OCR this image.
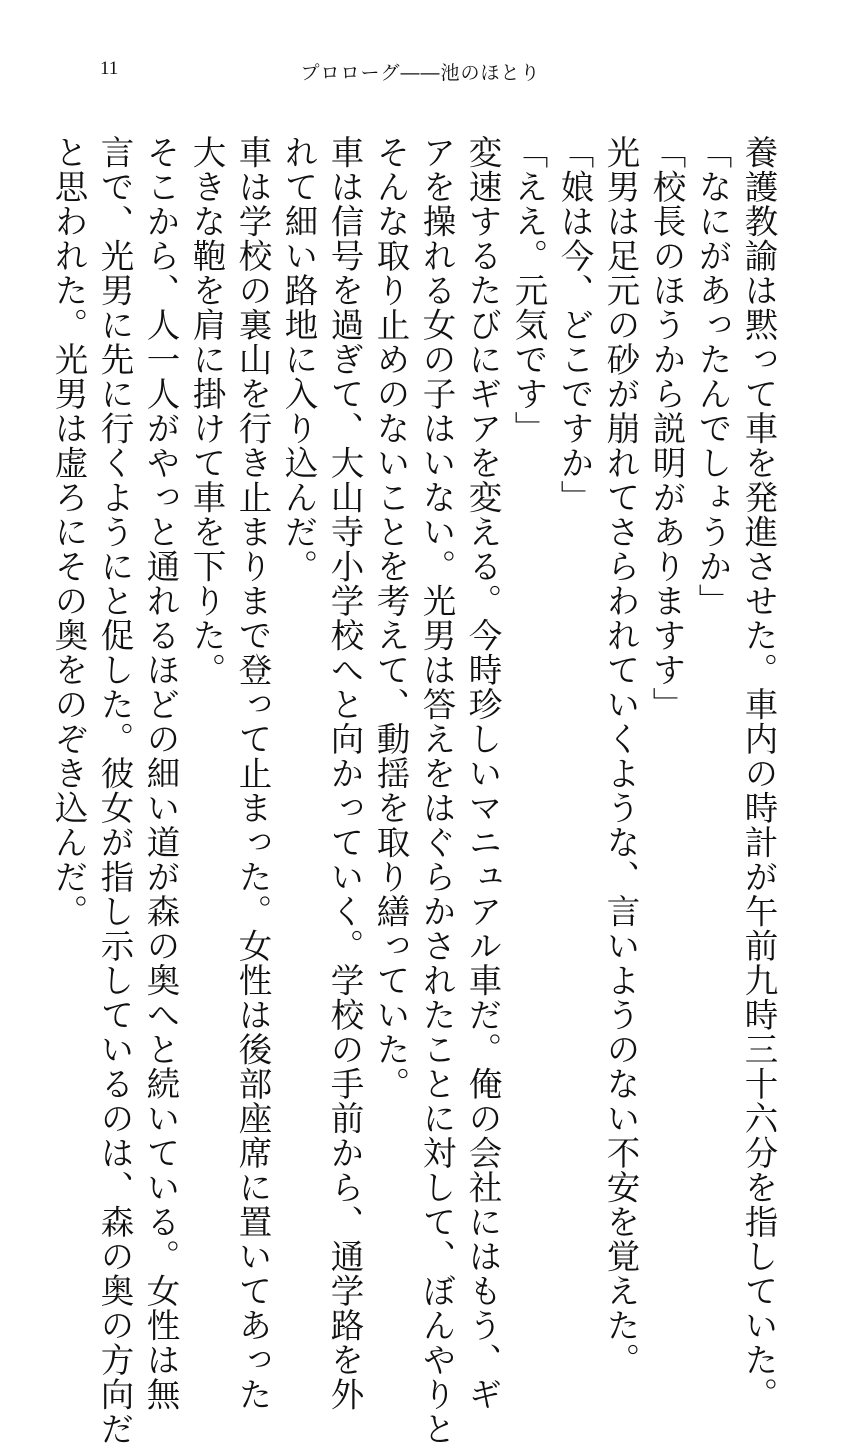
11	プロローグ――池のほとり

養護教諭は黙って車を発進させた。車内の時計が午前九時三十六分を指していた。

「なにがあったんでしょうか」

「校長のほうから説明がありますす」

光男は足元の砂が崩れてさらわれていくような、言いようのない不安を覚えた。

「娘は今、どこですか」

「ええ。元気です」

変速するたびにギアを変える。今時珍しいマニュアル車だ。俺の会社にはもう、ギ

アを操れる女の子はいない。光男は答えをはぐらかされたことに対して、ぼんやりと

そんな取り止めのないことを考えて、動揺を取り繕っていた。

車は信号を過ぎて、大山寺小学校へと向かっていく。学校の手前から、通学路を外

れて細い路地に入り込んだ。

車は学校の裏山を行き止まりまで登って止まった。女性は後部座席に置いてあった

大きな鞄を肩に掛けて車を下りた。

そこから、人一人がやっと通れるほどの細い道が森の奥へと続いている。女性は無

言で、光男に先に行くようにと促した。彼女が指し示しているのは、森の奥の方向だ

と思われた。光男は虚ろにその奥をのぞき込んだ。
